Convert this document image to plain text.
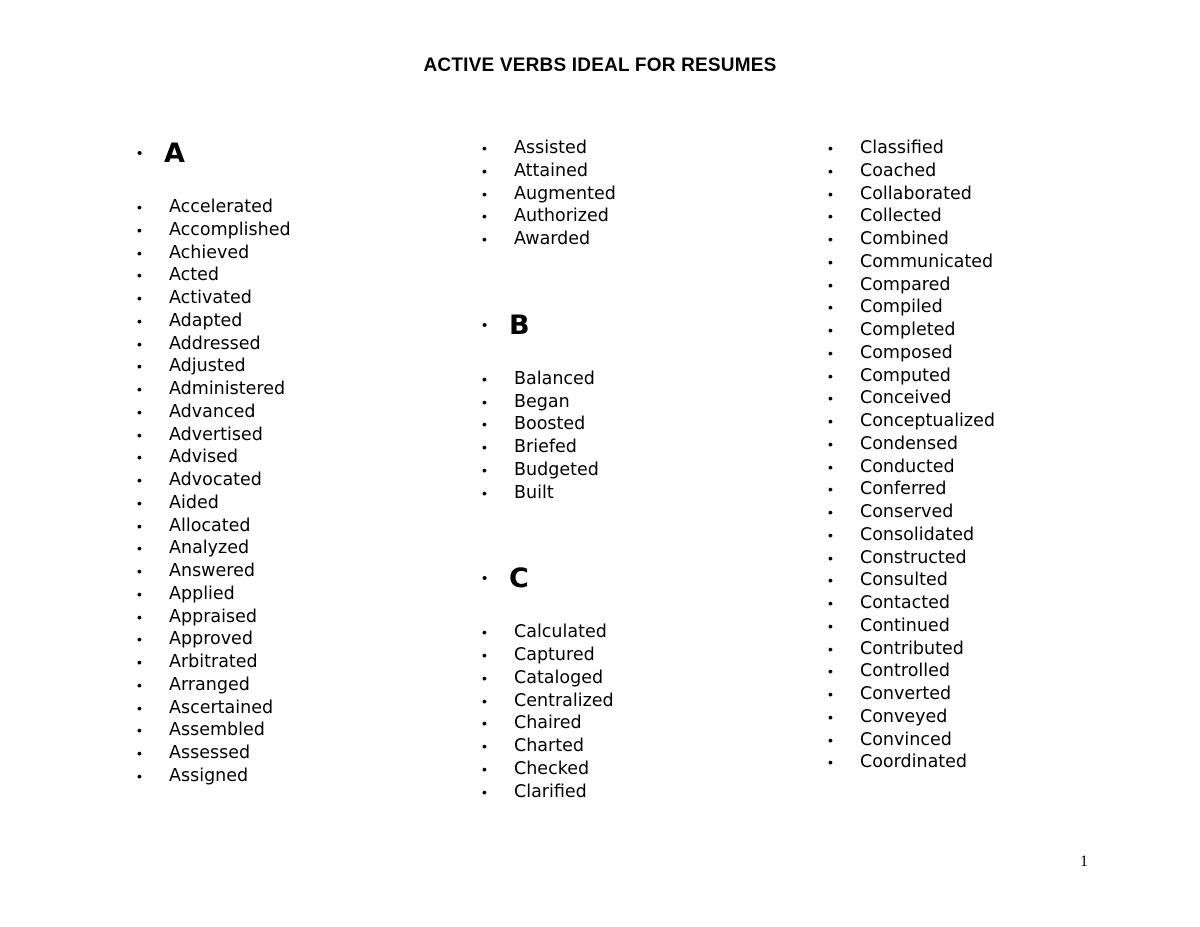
ACTIVE VERBS IDEAL FOR RESUMES
• A
• Accelerated
• Accomplished
• Achieved
• Acted
• Activated
• Adapted
• Addressed
• Adjusted
• Administered
• Advanced
• Advertised
• Advised
• Advocated
• Aided
• Allocated
• Analyzed
• Answered
• Applied
• Appraised
• Approved
• Arbitrated
• Arranged
• Ascertained
• Assembled
• Assessed
• Assigned
• Assisted
• Attained
• Augmented
• Authorized
• Awarded
• B
• Balanced
• Began
• Boosted
• Briefed
• Budgeted
• Built
• C
• Calculated
• Captured
• Cataloged
• Centralized
• Chaired
• Charted
• Checked
• Clarified
• Classified
• Coached
• Collaborated
• Collected
• Combined
• Communicated
• Compared
• Compiled
• Completed
• Composed
• Computed
• Conceived
• Conceptualized
• Condensed
• Conducted
• Conferred
• Conserved
• Consolidated
• Constructed
• Consulted
• Contacted
• Continued
• Contributed
• Controlled
• Converted
• Conveyed
• Convinced
• Coordinated
1
